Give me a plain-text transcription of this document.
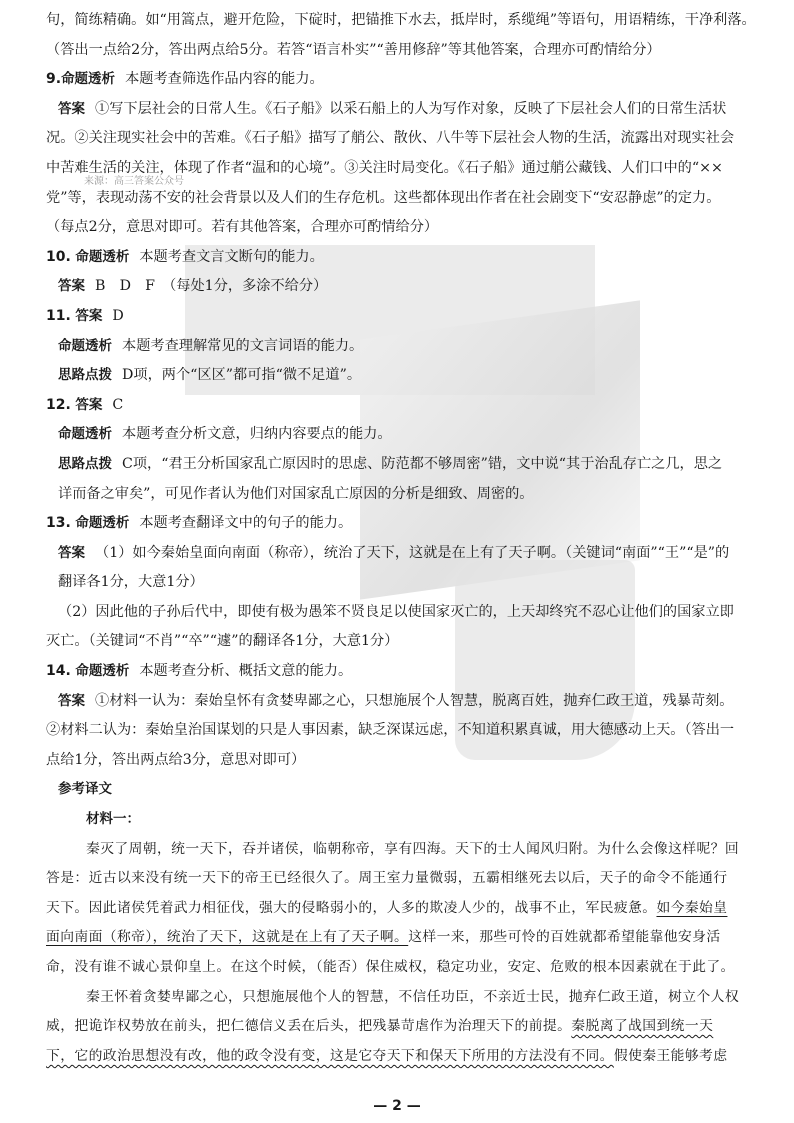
来源：高三答案公众号
句，简练精确。如“用篙点，避开危险，下碇时，把锚推下水去，抵岸时，系缆绳”等语句，用语精练，干净利落。
（答出一点给2分，答出两点给5分。若答“语言朴实”“善用修辞”等其他答案，合理亦可酌情给分）
9.命题透析 本题考查筛选作品内容的能力。
答案 ①写下层社会的日常人生。《石子船》以采石船上的人为写作对象，反映了下层社会人们的日常生活状
况。②关注现实社会中的苦难。《石子船》描写了艄公、散伙、八牛等下层社会人物的生活，流露出对现实社会
中苦难生活的关注，体现了作者“温和的心境”。③关注时局变化。《石子船》通过艄公藏钱、人们口中的“××
党”等，表现动荡不安的社会背景以及人们的生存危机。这些都体现出作者在社会剧变下“安忍静虑”的定力。
（每点2分，意思对即可。若有其他答案，合理亦可酌情给分）
10. 命题透析 本题考查文言文断句的能力。
答案 B　D　F　（每处1分，多涂不给分）
11. 答案 D
命题透析 本题考查理解常见的文言词语的能力。
思路点拨 D项，两个“区区”都可指“微不足道”。
12. 答案 C
命题透析 本题考查分析文意，归纳内容要点的能力。
思路点拨 C项，“君王分析国家乱亡原因时的思虑、防范都不够周密”错，文中说“其于治乱存亡之几，思之
详而备之审矣”，可见作者认为他们对国家乱亡原因的分析是细致、周密的。
13. 命题透析 本题考查翻译文中的句子的能力。
答案 （1）如今秦始皇面向南面（称帝），统治了天下，这就是在上有了天子啊。（关键词“南面”“王”“是”的
翻译各1分，大意1分）
（2）因此他的子孙后代中，即使有极为愚笨不贤良足以使国家灭亡的，上天却终究不忍心让他们的国家立即
灭亡。（关键词“不肖”“卒”“遽”的翻译各1分，大意1分）
14. 命题透析 本题考查分析、概括文意的能力。
答案 ①材料一认为：秦始皇怀有贪婪卑鄙之心，只想施展个人智慧，脱离百姓，抛弃仁政王道，残暴苛刻。
②材料二认为：秦始皇治国谋划的只是人事因素，缺乏深谋远虑，不知道积累真诚，用大德感动上天。（答出一
点给1分，答出两点给3分，意思对即可）
参考译文
材料一：
秦灭了周朝，统一天下，吞并诸侯，临朝称帝，享有四海。天下的士人闻风归附。为什么会像这样呢？回
答是：近古以来没有统一天下的帝王已经很久了。周王室力量微弱，五霸相继死去以后，天子的命令不能通行
天下。因此诸侯凭着武力相征伐，强大的侵略弱小的，人多的欺凌人少的，战事不止，军民疲惫。如今秦始皇
面向南面（称帝），统治了天下，这就是在上有了天子啊。这样一来，那些可怜的百姓就都希望能靠他安身活
命，没有谁不诚心景仰皇上。在这个时候，（能否）保住威权，稳定功业，安定、危败的根本因素就在于此了。
秦王怀着贪婪卑鄙之心，只想施展他个人的智慧，不信任功臣，不亲近士民，抛弃仁政王道，树立个人权
威，把诡诈权势放在前头，把仁德信义丢在后头，把残暴苛虐作为治理天下的前提。秦脱离了战国到统一天
下，它的政治思想没有改，他的政令没有变，这是它夺天下和保天下所用的方法没有不同。假使秦王能够考虑
— 2 —
